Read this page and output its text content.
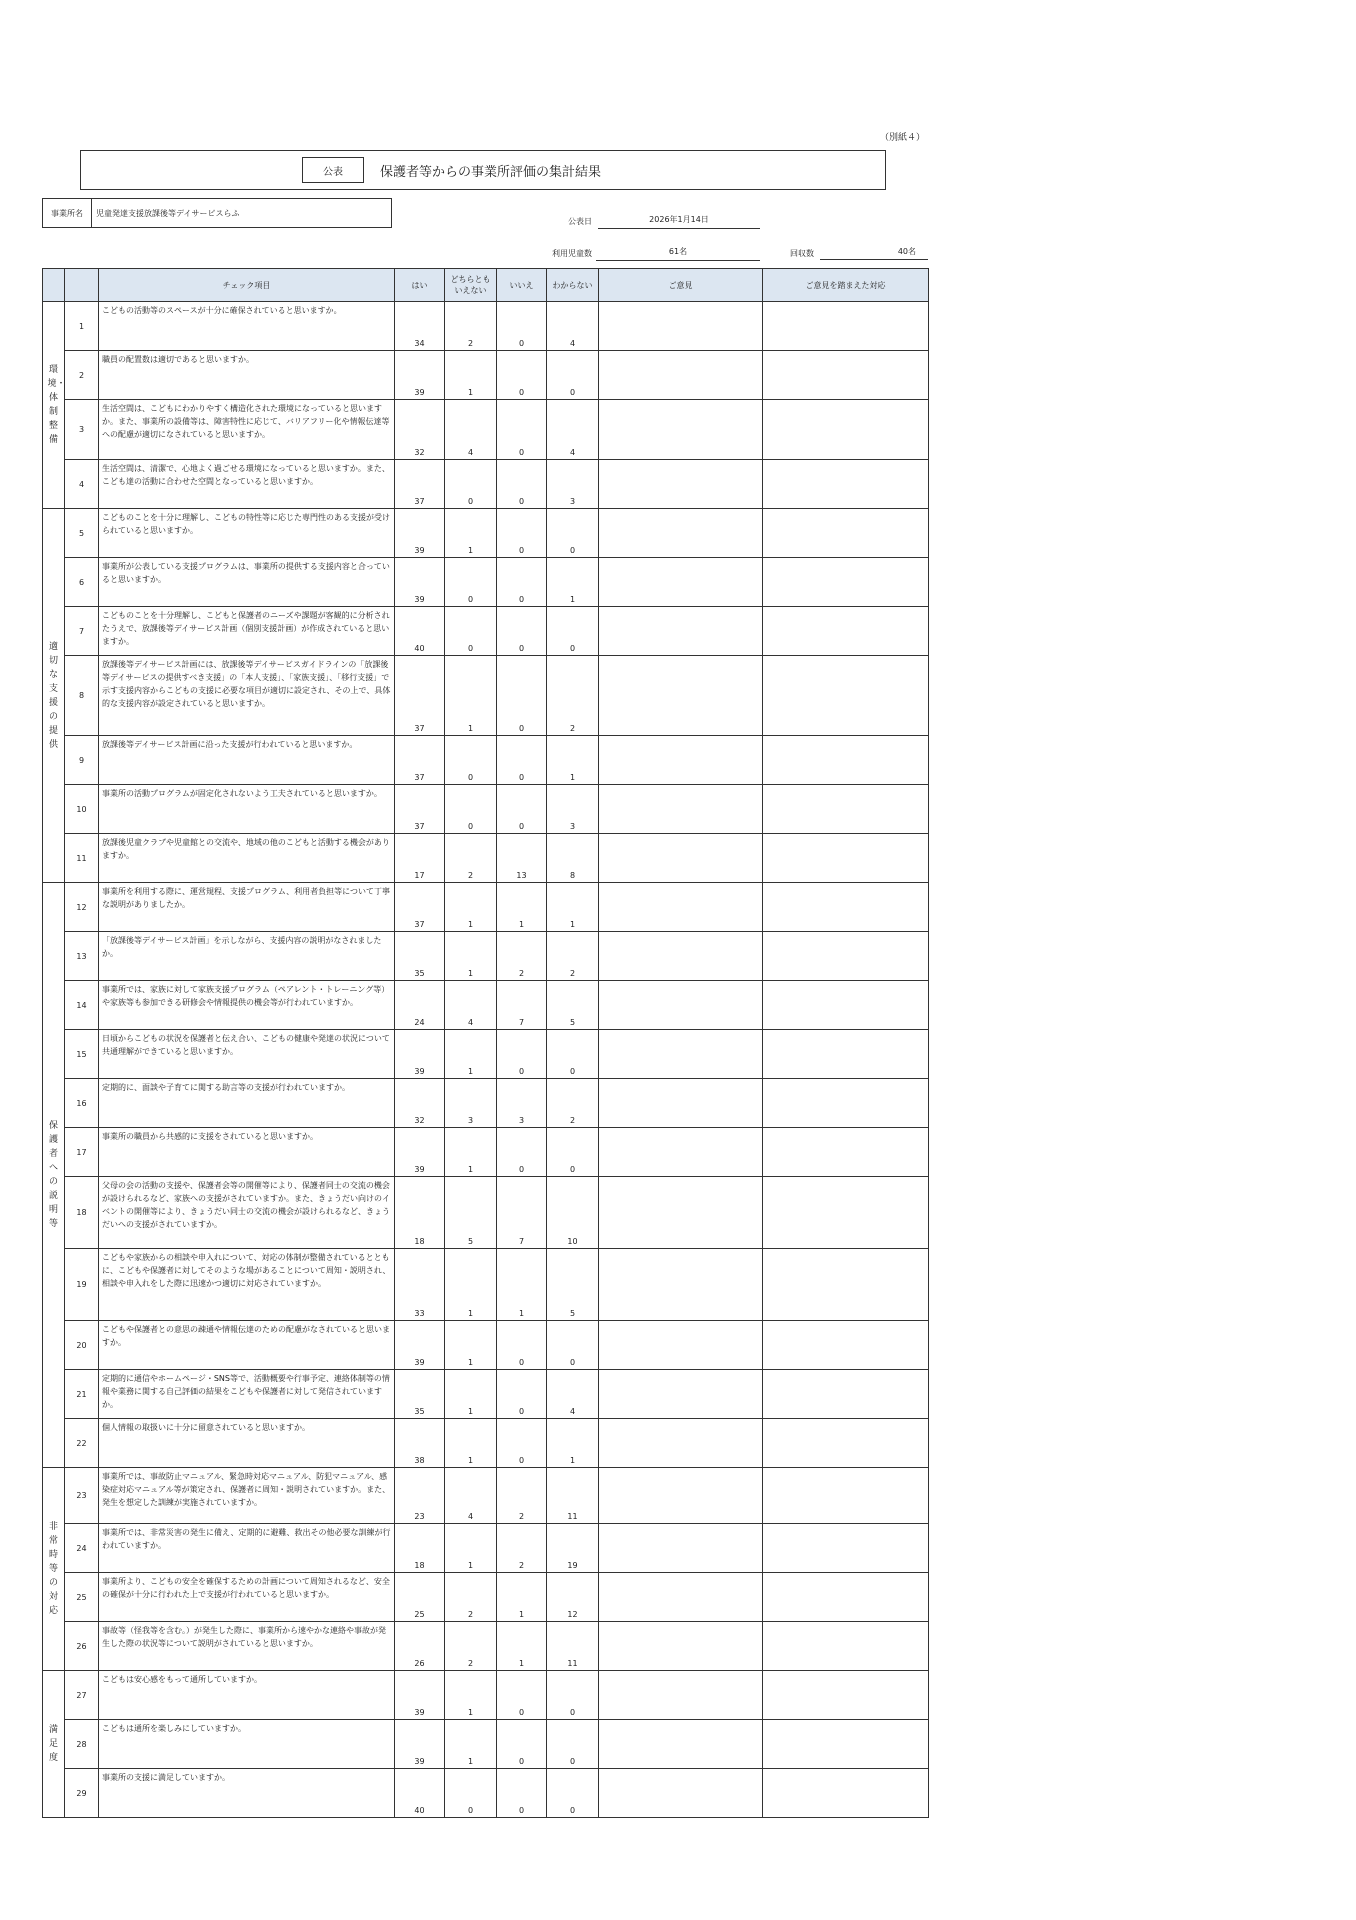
（別紙４）
公表	保護者等からの事業所評価の集計結果
事業所名	児童発達支援放課後等デイサービスらふ
公表日	2026年1月14日
利用児童数	61名	回収数	40名
		チェック項目	はい	どちらとも
いえない	いいえ	わからない	ご意見	ご意見を踏まえた対応
環境・体制整備	1	こどもの活動等のスペースが十分に確保されていると思いますか。	34	2	0	4		
	2	職員の配置数は適切であると思いますか。	39	1	0	0		
	3	生活空間は、こどもにわかりやすく構造化された環境になっていると思いますか。また、事業所の設備等は、障害特性に応じて、バリアフリー化や情報伝達等への配慮が適切になされていると思いますか。	32	4	0	4		
	4	生活空間は、清潔で、心地よく過ごせる環境になっていると思いますか。また、こども達の活動に合わせた空間となっていると思いますか。	37	0	0	3		
適切な支援の提供	5	こどものことを十分に理解し、こどもの特性等に応じた専門性のある支援が受けられていると思いますか。	39	1	0	0		
	6	事業所が公表している支援プログラムは、事業所の提供する支援内容と合っていると思いますか。	39	0	0	1		
	7	こどものことを十分理解し、こどもと保護者のニーズや課題が客観的に分析されたうえで、放課後等デイサービス計画（個別支援計画）が作成されていると思いますか。	40	0	0	0		
	8	放課後等デイサービス計画には、放課後等デイサービスガイドラインの「放課後等デイサービスの提供すべき支援」の「本人支援」、「家族支援」、「移行支援」で示す支援内容からこどもの支援に必要な項目が適切に設定され、その上で、具体的な支援内容が設定されていると思いますか。	37	1	0	2		
	9	放課後等デイサービス計画に沿った支援が行われていると思いますか。	37	0	0	1		
	10	事業所の活動プログラムが固定化されないよう工夫されていると思いますか。	37	0	0	3		
	11	放課後児童クラブや児童館との交流や、地域の他のこどもと活動する機会がありますか。	17	2	13	8		
保護者への説明等	12	事業所を利用する際に、運営規程、支援プログラム、利用者負担等について丁寧な説明がありましたか。	37	1	1	1		
	13	「放課後等デイサービス計画」を示しながら、支援内容の説明がなされましたか。	35	1	2	2		
	14	事業所では、家族に対して家族支援プログラム（ペアレント・トレーニング等）や家族等も参加できる研修会や情報提供の機会等が行われていますか。	24	4	7	5		
	15	日頃からこどもの状況を保護者と伝え合い、こどもの健康や発達の状況について共通理解ができていると思いますか。	39	1	0	0		
	16	定期的に、面談や子育てに関する助言等の支援が行われていますか。	32	3	3	2		
	17	事業所の職員から共感的に支援をされていると思いますか。	39	1	0	0		
	18	父母の会の活動の支援や、保護者会等の開催等により、保護者同士の交流の機会が設けられるなど、家族への支援がされていますか。また、きょうだい向けのイベントの開催等により、きょうだい同士の交流の機会が設けられるなど、きょうだいへの支援がされていますか。	18	5	7	10		
	19	こどもや家族からの相談や申入れについて、対応の体制が整備されているとともに、こどもや保護者に対してそのような場があることについて周知・説明され、相談や申入れをした際に迅速かつ適切に対応されていますか。	33	1	1	5		
	20	こどもや保護者との意思の疎通や情報伝達のための配慮がなされていると思いますか。	39	1	0	0		
	21	定期的に通信やホームページ・SNS等で、活動概要や行事予定、連絡体制等の情報や業務に関する自己評価の結果をこどもや保護者に対して発信されていますか。	35	1	0	4		
	22	個人情報の取扱いに十分に留意されていると思いますか。	38	1	0	1		
非常時等の対応	23	事業所では、事故防止マニュアル、緊急時対応マニュアル、防犯マニュアル、感染症対応マニュアル等が策定され、保護者に周知・説明されていますか。また、発生を想定した訓練が実施されていますか。	23	4	2	11		
	24	事業所では、非常災害の発生に備え、定期的に避難、救出その他必要な訓練が行われていますか。	18	1	2	19		
	25	事業所より、こどもの安全を確保するための計画について周知されるなど、安全の確保が十分に行われた上で支援が行われていると思いますか。	25	2	1	12		
	26	事故等（怪我等を含む。）が発生した際に、事業所から速やかな連絡や事故が発生した際の状況等について説明がされていると思いますか。	26	2	1	11		
満足度	27	こどもは安心感をもって通所していますか。	39	1	0	0		
	28	こどもは通所を楽しみにしていますか。	39	1	0	0		
	29	事業所の支援に満足していますか。	40	0	0	0		
